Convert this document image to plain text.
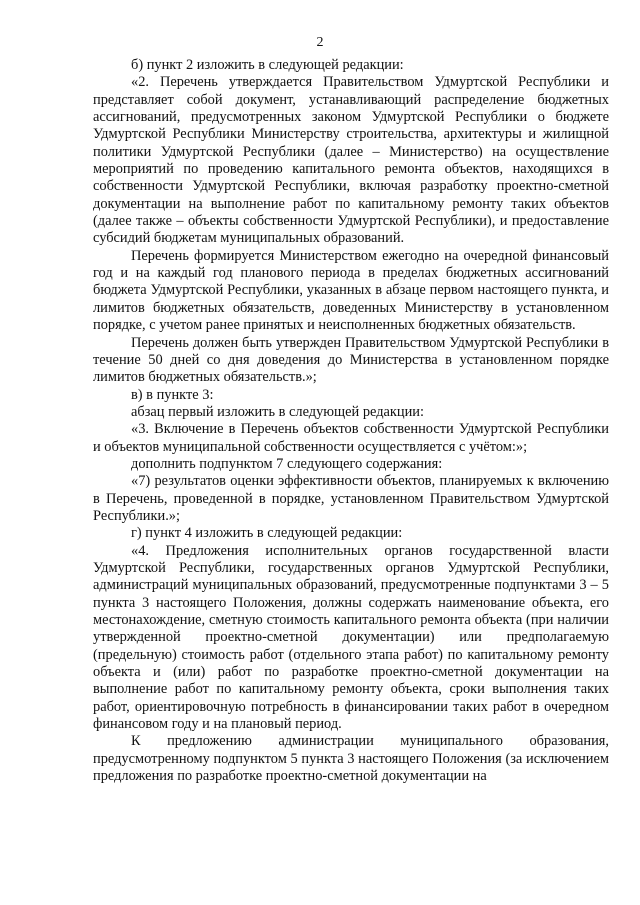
2

б) пункт 2 изложить в следующей редакции:

«2. Перечень утверждается Правительством Удмуртской Республики и представляет собой документ, устанавливающий распределение бюджетных ассигнований, предусмотренных законом Удмуртской Республики о бюджете Удмуртской Республики Министерству строительства, архитектуры и жилищной политики Удмуртской Республики (далее – Министерство) на осуществление мероприятий по проведению капитального ремонта объектов, находящихся в собственности Удмуртской Республики, включая разработку проектно-сметной документации на выполнение работ по капитальному ремонту таких объектов (далее также – объекты собственности Удмуртской Республики), и предоставление субсидий бюджетам муниципальных образований.

Перечень формируется Министерством ежегодно на очередной финансовый год и на каждый год планового периода в пределах бюджетных ассигнований бюджета Удмуртской Республики, указанных в абзаце первом настоящего пункта, и лимитов бюджетных обязательств, доведенных Министерству в установленном порядке, с учетом ранее принятых и неисполненных бюджетных обязательств.

Перечень должен быть утвержден Правительством Удмуртской Республики в течение 50 дней со дня доведения до Министерства в установленном порядке лимитов бюджетных обязательств.»;

в) в пункте 3:

абзац первый изложить в следующей редакции:

«3. Включение в Перечень объектов собственности Удмуртской Республики и объектов муниципальной собственности осуществляется с учётом:»;

дополнить подпунктом 7 следующего содержания:

«7) результатов оценки эффективности объектов, планируемых к включению в Перечень, проведенной в порядке, установленном Правительством Удмуртской Республики.»;

г) пункт 4 изложить в следующей редакции:

«4. Предложения исполнительных органов государственной власти Удмуртской Республики, государственных органов Удмуртской Республики, администраций муниципальных образований, предусмотренные подпунктами 3 – 5 пункта 3 настоящего Положения, должны содержать наименование объекта, его местонахождение, сметную стоимость капитального ремонта объекта (при наличии утвержденной проектно-сметной документации) или предполагаемую (предельную) стоимость работ (отдельного этапа работ) по капитальному ремонту объекта и (или) работ по разработке проектно-сметной документации на выполнение работ по капитальному ремонту объекта, сроки выполнения таких работ, ориентировочную потребность в финансировании таких работ в очередном финансовом году и на плановый период.

К предложению администрации муниципального образования, предусмотренному подпунктом 5 пункта 3 настоящего Положения (за исключением предложения по разработке проектно-сметной документации на
